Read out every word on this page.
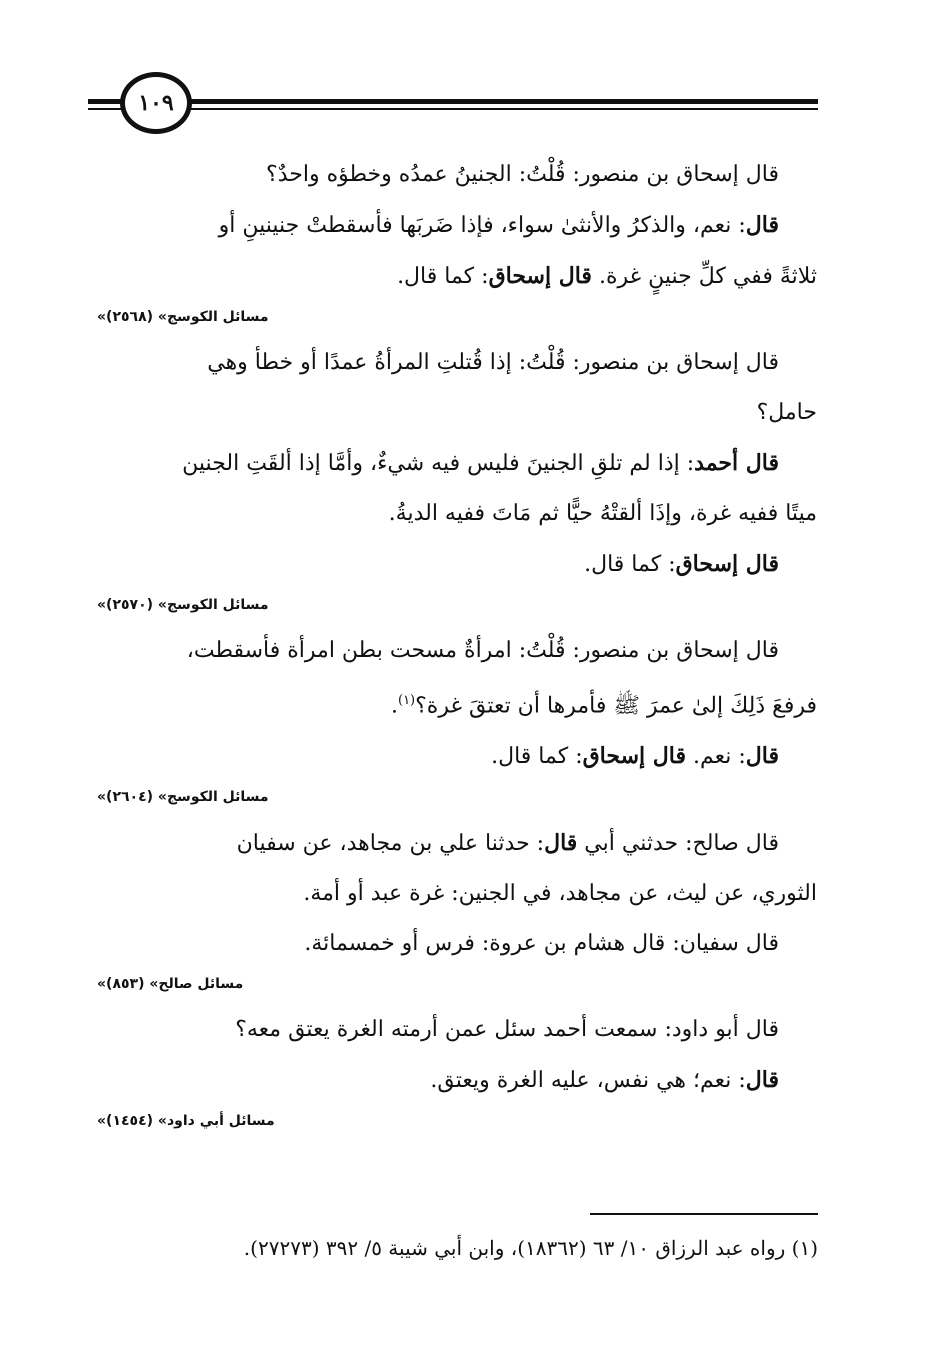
١٠٩

قال إسحاق بن منصور: قُلْتُ: الجنينُ عمدُه وخطؤه واحدٌ؟

قال: نعم، والذكرُ والأنثىٰ سواء، فإذا ضَربَها فأسقطتْ جنينينِ أو

ثلاثةً ففي كلِّ جنينٍ غرة. قال إسحاق: كما قال.

«مسائل الكوسج» (٢٥٦٨)

قال إسحاق بن منصور: قُلْتُ: إذا قُتلتِ المرأةُ عمدًا أو خطأ وهي

حامل؟

قال أحمد: إذا لم تلقِ الجنينَ فليس فيه شيءٌ، وأمَّا إذا ألقَتِ الجنين

ميتًا ففيه غرة، وإذَا ألقتْهُ حيًّا ثم مَاتَ ففيه الديةُ.

قال إسحاق: كما قال.

«مسائل الكوسج» (٢٥٧٠)

قال إسحاق بن منصور: قُلْتُ: امرأةٌ مسحت بطن امرأة فأسقطت،

فرفعَ ذَلِكَ إلىٰ عمرَ ﷺ فأمرها أن تعتقَ غرة؟$^{(١)}$.

قال: نعم. قال إسحاق: كما قال.

«مسائل الكوسج» (٢٦٠٤)

قال صالح: حدثني أبي قال: حدثنا علي بن مجاهد، عن سفيان

الثوري، عن ليث، عن مجاهد، في الجنين: غرة عبد أو أمة.

قال سفيان: قال هشام بن عروة: فرس أو خمسمائة.

«مسائل صالح» (٨٥٣)

قال أبو داود: سمعت أحمد سئل عمن أرمته الغرة يعتق معه؟

قال: نعم؛ هي نفس، عليه الغرة ويعتق.

«مسائل أبي داود» (١٤٥٤)
(١) رواه عبد الرزاق ١٠/ ٦٣ (١٨٣٦٢)، وابن أبي شيبة ٥/ ٣٩٢ (٢٧٢٧٣).
